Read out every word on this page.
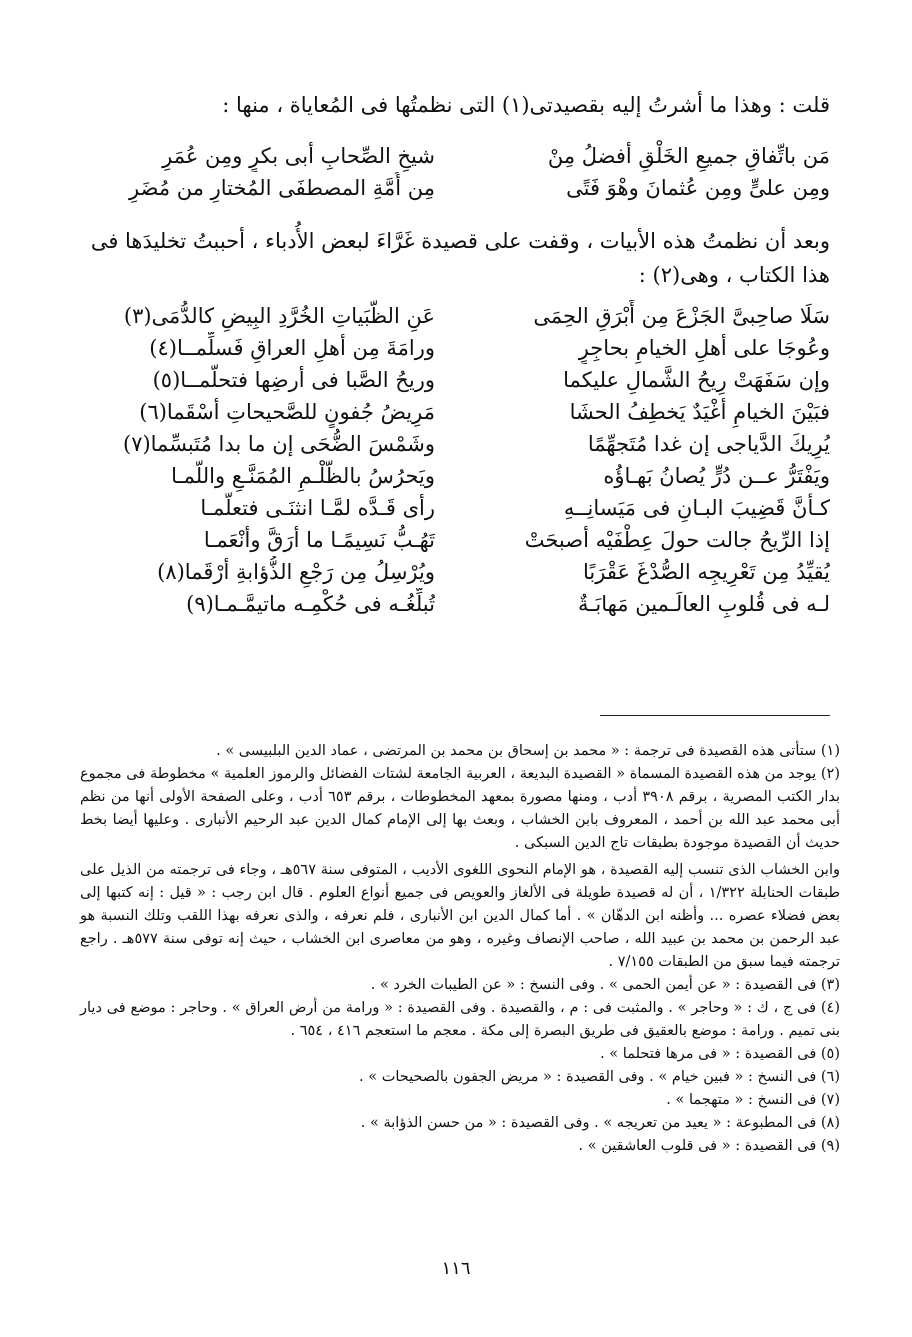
قلت : وهذا ما أشرتُ إليه بقصيدتى(١) التى نظمتُها فى المُعاياة ، منها :

مَن باتِّفاقِ جميعِ الخَلْقِ أفضلُ مِنْ
شيخِ الصِّحابِ أبى بكرٍ ومِن عُمَرِ
ومِن علىٍّ ومِن عُثمانَ وهْوَ فَتًى
مِن أُمَّةِ المصطفَى المُختارِ من مُضَرِ

وبعد أن نظمتُ هذه الأبيات ، وقفت على قصيدة غَرَّاءَ لبعض الأُدباء ، أحببتُ تخليدَها فى هذا الكتاب ، وهى(٢) :

سَلَا صاحِبىَّ الجَزْعَ مِن أَبْرَقِ الحِمَى
عَنِ الظَّبَياتِ الخُرَّدِ البِيضِ كالدُّمَى(٣)
وعُوجَا على أهلِ الخيامِ بحاجِرٍ
ورامَةَ مِن أهلِ العراقِ فَسلِّمــا(٤)
وإن سَفَهَتْ رِيحُ الشَّمالِ عليكما
وريحُ الصَّبا فى أرضِها فتحلَّمــا(٥)
فبَيْنَ الخيامِ أغْيَدٌ يَخطِفُ الحشَا
مَرِيضُ جُفونٍ للصَّحيحاتِ أسْقَما(٦)
يُرِيكَ الدَّياجى إن غدا مُتَجهِّمًا
وشَمْسَ الضُّحَى إن ما بدا مُتَبسِّما(٧)
ويَفْتَرُّ عــن دُرٍّ يُصانُ بَهـاؤُه
ويَحرُسُ بالظَّلْـمِ المُمَنَّـعِ واللَّمـا
كـأنَّ قَضِيبَ البـانِ فى مَيَسانِــهِ
رأى قَـدَّه لمَّـا انثنَـى فتعلَّمـا
إذا الرِّيحُ جالت حولَ عِطْفَيْه أصبحَتْ
تَهُـبُّ نَسِيمًـا ما أرَقَّ وأنْعَمـا
يُقيِّدُ مِن تَعْرِيجِه الصُّدْغَ عَقْرَبًا
ويُرْسِلُ مِن رَجْعِ الذُّؤابةِ أرْقَما(٨)
لـه فى قُلوبِ العالَـمين مَهابَـةٌ
تُبلِّغُـه فى حُكْمِـه ماتيمَّـمـا(٩)

(١) ستأتى هذه القصيدة فى ترجمة : « محمد بن إسحاق بن محمد بن المرتضى ، عماد الدين البلبيسى » .

(٢) يوجد من هذه القصيدة المسماة « القصيدة البديعة ، العربية الجامعة لشتات الفضائل والرموز العلمية » مخطوطة فى مجموع بدار الكتب المصرية ، برقم ٣٩٠٨ أدب ، ومنها مصورة بمعهد المخطوطات ، برقم ٦٥٣ أدب ، وعلى الصفحة الأولى أنها من نظم أبى محمد عبد الله بن أحمد ، المعروف بابن الخشاب ، وبعث بها إلى الإمام كمال الدين عبد الرحيم الأنبارى . وعليها أيضا بخط حديث أن القصيدة موجودة بطبقات تاج الدين السبكى .

وابن الخشاب الذى تنسب إليه القصيدة ، هو الإمام النحوى اللغوى الأديب ، المتوفى سنة ٥٦٧هـ ، وجاء فى ترجمته من الذيل على طبقات الحنابلة ١/٣٢٢ ، أن له قصيدة طويلة فى الألغاز والعويص فى جميع أنواع العلوم . قال ابن رجب : « قيل : إنه كتبها إلى بعض فضلاء عصره ... وأظنه ابن الدهّان » . أما كمال الدين ابن الأنبارى ، فلم نعرفه ، والذى نعرفه بهذا اللقب وتلك النسبة هو عبد الرحمن بن محمد بن عبيد الله ، صاحب الإنصاف وغيره ، وهو من معاصرى ابن الخشاب ، حيث إنه توفى سنة ٥٧٧هـ . راجع ترجمته فيما سبق من الطبقات ٧/١٥٥ .

(٣) فى القصيدة : « عن أيمن الحمى » . وفى النسخ : « عن الطيبات الخرد » .

(٤) فى ج ، ك : « وحاجر » . والمثبت فى : م ، والقصيدة . وفى القصيدة : « ورامة من أرض العراق » . وحاجر : موضع فى ديار بنى تميم . ورامة : موضع بالعقيق فى طريق البصرة إلى مكة . معجم ما استعجم ٤١٦ ، ٦٥٤ .

(٥) فى القصيدة : « فى مرها فتحلما » .

(٦) فى النسخ : « فبين خيام » . وفى القصيدة : « مريض الجفون بالصحيحات » .

(٧) فى النسخ : « متهجما » .

(٨) فى المطبوعة : « يعيد من تعريجه » . وفى القصيدة : « من حسن الذؤابة » .

(٩) فى القصيدة : « فى قلوب العاشقين » .

١١٦
